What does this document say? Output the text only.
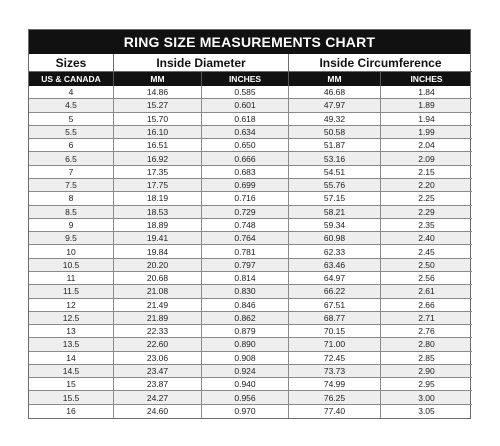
RING SIZE MEASUREMENTS CHART
Sizes	Inside Diameter	Inside Circumference
US & CANADA	MM	INCHES	MM	INCHES
4	14.86	0.585	46.68	1.84
4.5	15.27	0.601	47.97	1.89
5	15.70	0.618	49.32	1.94
5.5	16.10	0.634	50.58	1.99
6	16.51	0.650	51.87	2.04
6.5	16.92	0.666	53.16	2.09
7	17.35	0.683	54.51	2.15
7.5	17.75	0.699	55.76	2.20
8	18.19	0.716	57.15	2.25
8.5	18.53	0.729	58.21	2.29
9	18.89	0.748	59.34	2.35
9.5	19.41	0.764	60.98	2.40
10	19.84	0.781	62.33	2.45
10.5	20.20	0.797	63.46	2.50
11	20.68	0.814	64.97	2.56
11.5	21.08	0.830	66.22	2.61
12	21.49	0.846	67.51	2.66
12.5	21.89	0.862	68.77	2.71
13	22.33	0.879	70.15	2.76
13.5	22.60	0.890	71.00	2.80
14	23.06	0.908	72.45	2.85
14.5	23.47	0.924	73.73	2.90
15	23.87	0.940	74.99	2.95
15.5	24.27	0.956	76.25	3.00
16	24.60	0.970	77.40	3.05
